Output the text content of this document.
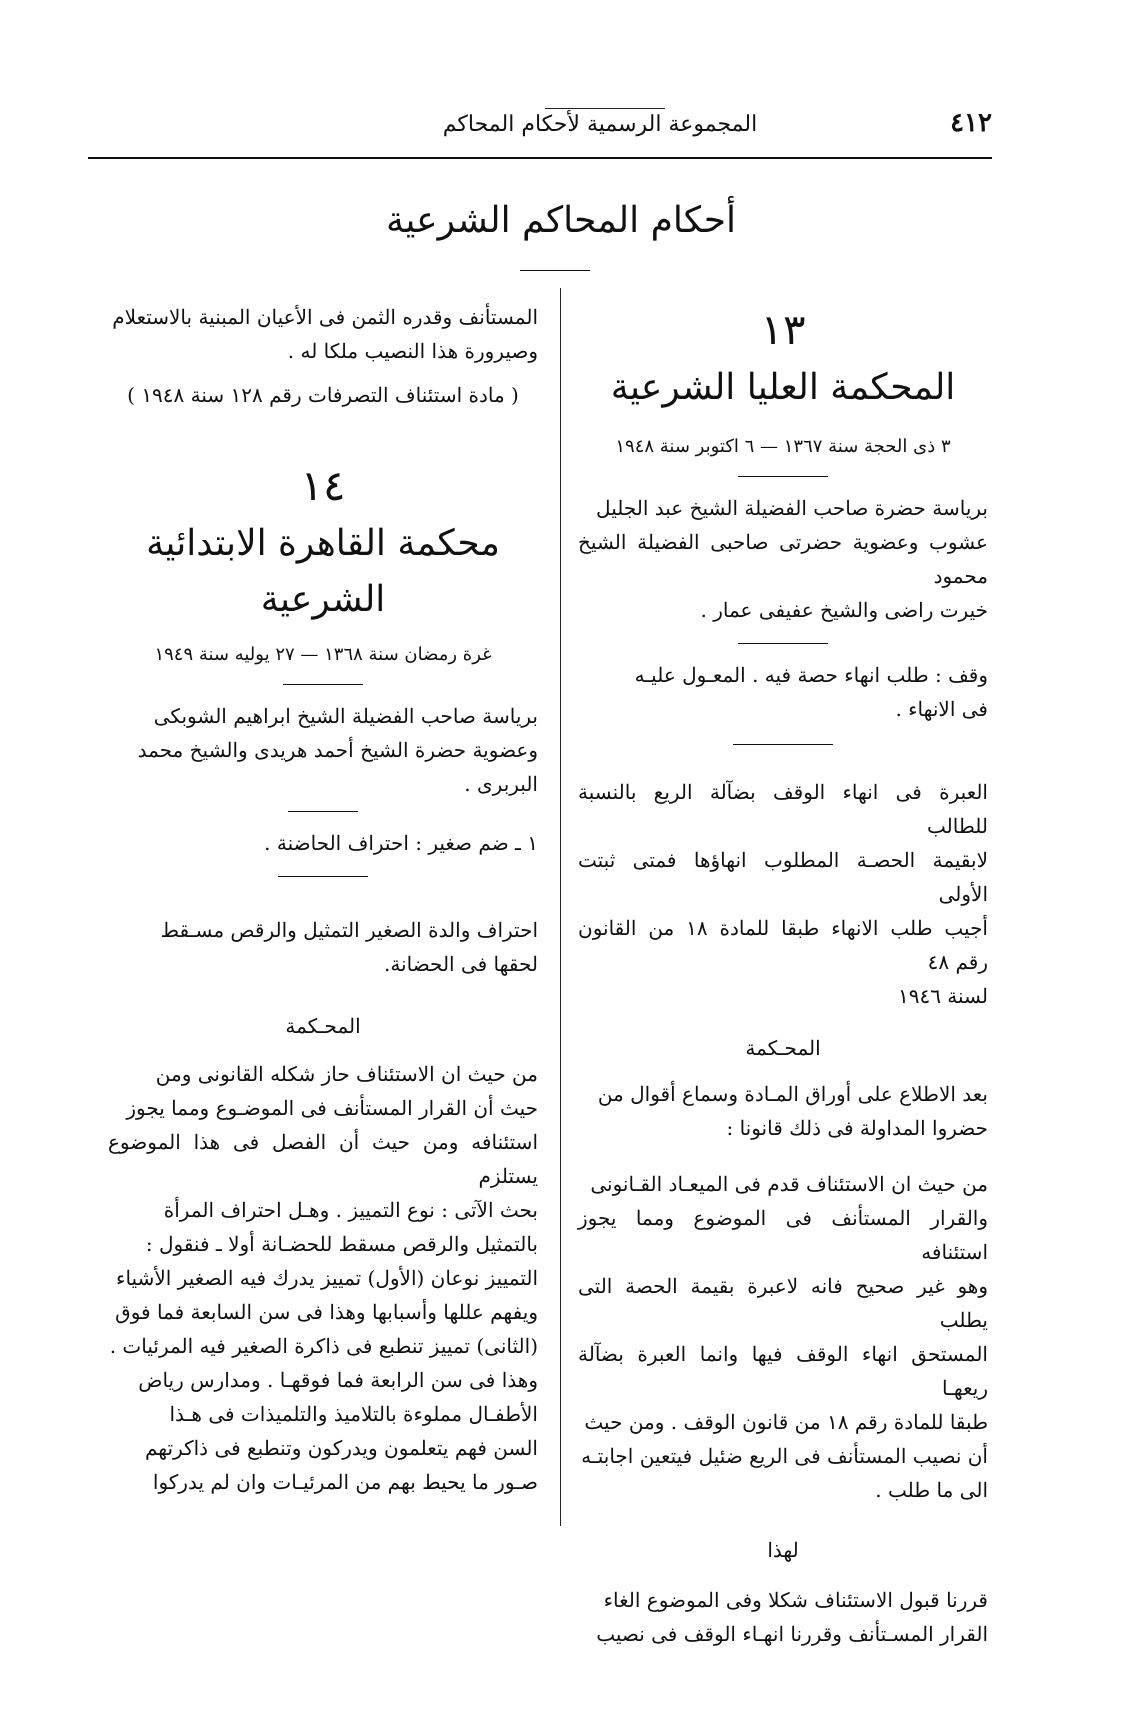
٤١٢
المجموعة الرسمية لأحكام المحاكم
أحكام المحاكم الشرعية

١٣

المحكمة العليا الشرعية

٣ ذى الحجة سنة ١٣٦٧ — ٦ اكتوبر سنة ١٩٤٨

برياسة حضرة صاحب الفضيلة الشيخ عبد الجليل

عشوب وعضوية حضرتى صاحبى الفضيلة الشيخ محمود

خيرت راضى والشيخ عفيفى عمار .

وقف : طلب انهاء حصة فيه . المعـول عليـه

فى الانهاء .

العبرة فى انهاء الوقف بضآلة الريع بالنسبة للطالب

لابقيمة الحصـة المطلوب انهاؤها فمتى ثبتت الأولى

أجيب طلب الانهاء طبقا للمادة ١٨ من القانون رقم ٤٨

لسنة ١٩٤٦

المحـكمة

بعد الاطلاع على أوراق المـادة وسماع أقوال من

حضروا المداولة فى ذلك قانونا :

من حيث ان الاستئناف قدم فى الميعـاد القـانونى

والقرار المستأنف فى الموضوع ومما يجوز استئنافه

وهو غير صحيح فانه لاعبرة بقيمة الحصة التى يطلب

المستحق انهاء الوقف فيها وانما العبرة بضآلة ريعهـا

طبقا للمادة رقم ١٨ من قانون الوقف . ومن حيث

أن نصيب المستأنف فى الريع ضئيل فيتعين اجابتـه

الى ما طلب .

لهذا

قررنا قبول الاستئناف شكلا وفى الموضوع الغاء

القرار المسـتأنف وقررنا انهـاء الوقف فى نصيب

المستأنف وقدره الثمن فى الأعيان المبنية بالاستعلام

وصيرورة هذا النصيب ملكا له .

( مادة استئناف التصرفات رقم ١٢٨ سنة ١٩٤٨ )

١٤

محكمة القاهرة الابتدائية الشرعية

غرة رمضان سنة ١٣٦٨ — ٢٧ يوليه سنة ١٩٤٩

برياسة صاحب الفضيلة الشيخ ابراهيم الشوبكى

وعضوية حضرة الشيخ أحمد هريدى والشيخ محمد

البربرى .

١ ـ ضم صغير : احتراف الحاضنة .

احتراف والدة الصغير التمثيل والرقص مسـقط

لحقها فى الحضانة.

المحـكمة

من حيث ان الاستئناف حاز شكله القانونى ومن

حيث أن القرار المستأنف فى الموضـوع ومما يجوز

استئنافه ومن حيث أن الفصل فى هذا الموضوع يستلزم

بحث الآتى : نوع التمييز . وهـل احتراف المرأة

بالتمثيل والرقص مسقط للحضـانة أولا ـ فنقول :

التمييز نوعان (الأول) تمييز يدرك فيه الصغير الأشياء

ويفهم عللها وأسبابها وهذا فى سن السابعة فما فوق

(الثانى) تمييز تنطبع فى ذاكرة الصغير فيه المرئيات .

وهذا فى سن الرابعة فما فوقهـا . ومدارس رياض

الأطفـال مملوءة بالتلاميذ والتلميذات فى هـذا

السن فهم يتعلمون ويدركون وتنطبع فى ذاكرتهم

صـور ما يحيط بهم من المرئيـات وان لم يدركوا
